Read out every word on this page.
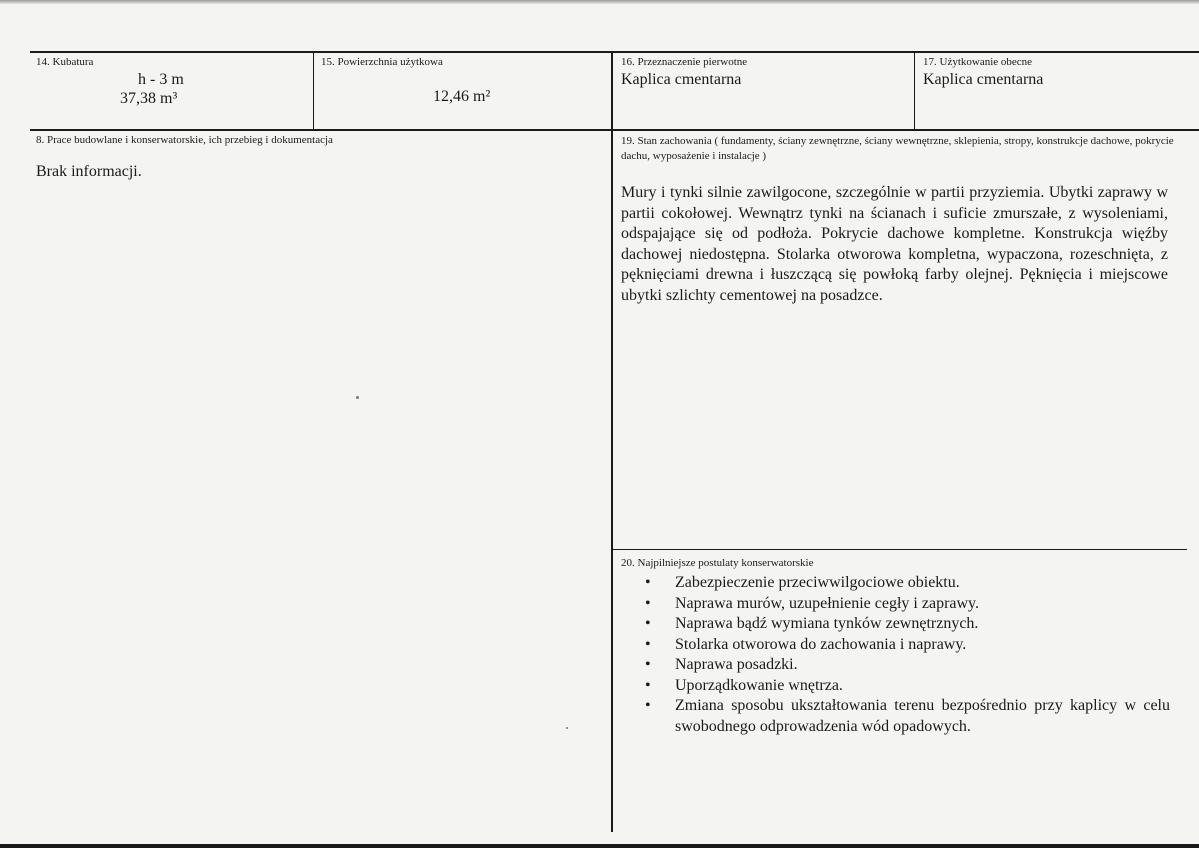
14. Kubatura
h - 3 m
37,38 m³
15. Powierzchnia użytkowa
12,46 m²
16. Przeznaczenie pierwotne
Kaplica cmentarna
17. Użytkowanie obecne
Kaplica cmentarna
8. Prace budowlane i konserwatorskie, ich przebieg i dokumentacja
Brak informacji.
19. Stan zachowania ( fundamenty, ściany zewnętrzne, ściany wewnętrzne, sklepienia, stropy, konstrukcje dachowe, pokrycie dachu, wyposażenie i instalacje )
Mury i tynki silnie zawilgocone, szczególnie w partii przyziemia. Ubytki zaprawy w partii cokołowej. Wewnątrz tynki na ścianach i suficie zmurszałe, z wysoleniami, odspajające się od podłoża. Pokrycie dachowe kompletne. Konstrukcja więźby dachowej niedostępna. Stolarka otworowa kompletna, wypaczona, rozeschnięta, z pęknięciami drewna i łuszczącą się powłoką farby olejnej. Pęknięcia i miejscowe ubytki szlichty cementowej na posadzce.
20. Najpilniejsze postulaty konserwatorskie
• Zabezpieczenie przeciwwilgociowe obiektu.
• Naprawa murów, uzupełnienie cegły i zaprawy.
• Naprawa bądź wymiana tynków zewnętrznych.
• Stolarka otworowa do zachowania i naprawy.
• Naprawa posadzki.
• Uporządkowanie wnętrza.
• Zmiana sposobu ukształtowania terenu bezpośrednio przy kaplicy w celu swobodnego odprowadzenia wód opadowych.
